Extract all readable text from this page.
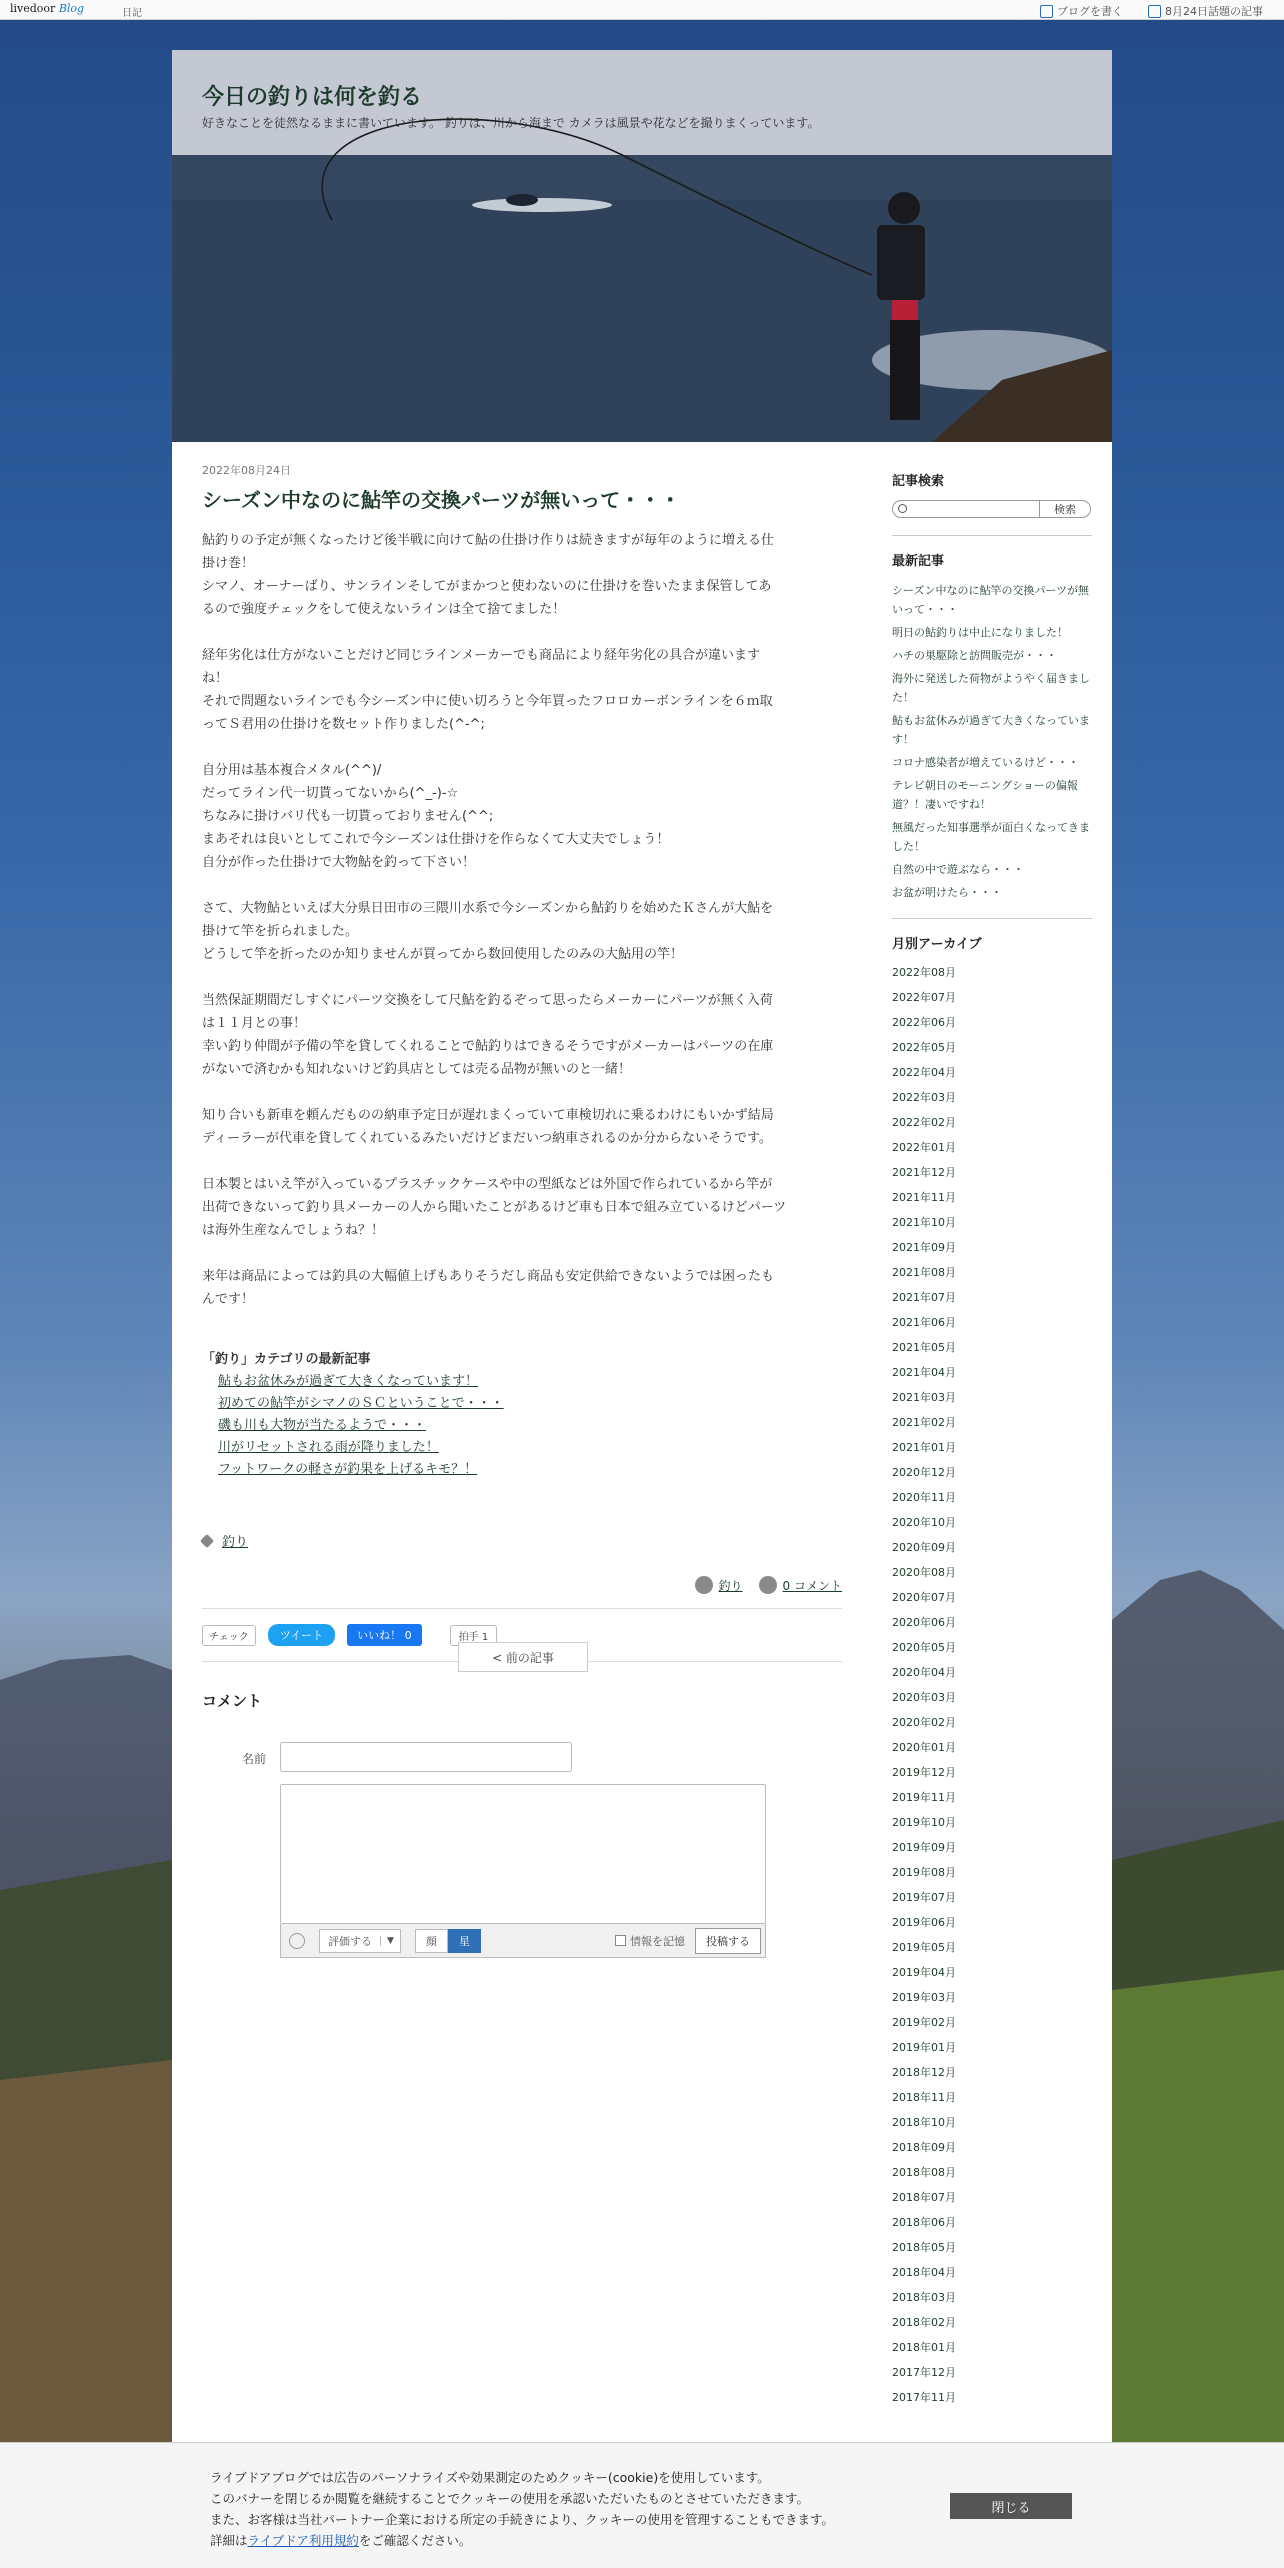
livedoor Blog	日記	ブログを書く	8月24日話題の記事
今日の釣りは何を釣る
好きなことを徒然なるままに書いています。 釣りは、川から海まで カメラは風景や花などを撮りまくっています。
2022年08月24日
シーズン中なのに鮎竿の交換パーツが無いって・・・

鮎釣りの予定が無くなったけど後半戦に向けて鮎の仕掛け作りは続きますが毎年のように増える仕

掛け巻！

シマノ、オーナーばり、サンラインそしてがまかつと使わないのに仕掛けを巻いたまま保管してあ

るので強度チェックをして使えないラインは全て捨てました！

経年劣化は仕方がないことだけど同じラインメーカーでも商品により経年劣化の具合が違います

ね！

それで問題ないラインでも今シーズン中に使い切ろうと今年買ったフロロカーボンラインを６ｍ取

ってＳ君用の仕掛けを数セット作りました(^-^;

自分用は基本複合メタル(^^)/

だってライン代一切貰ってないから(^_-)-☆

ちなみに掛けバリ代も一切貰っておりません(^^;

まあそれは良いとしてこれで今シーズンは仕掛けを作らなくて大丈夫でしょう！

自分が作った仕掛けで大物鮎を釣って下さい！

さて、大物鮎といえば大分県日田市の三隈川水系で今シーズンから鮎釣りを始めたＫさんが大鮎を

掛けて竿を折られました。

どうして竿を折ったのか知りませんが買ってから数回使用したのみの大鮎用の竿！

当然保証期間だしすぐにパーツ交換をして尺鮎を釣るぞって思ったらメーカーにパーツが無く入荷

は１１月との事！

幸い釣り仲間が予備の竿を貸してくれることで鮎釣りはできるそうですがメーカーはパーツの在庫

がないで済むかも知れないけど釣具店としては売る品物が無いのと一緒！

知り合いも新車を頼んだものの納車予定日が遅れまくっていて車検切れに乗るわけにもいかず結局

ディーラーが代車を貸してくれているみたいだけどまだいつ納車されるのか分からないそうです。

日本製とはいえ竿が入っているプラスチックケースや中の型紙などは外国で作られているから竿が

出荷できないって釣り具メーカーの人から聞いたことがあるけど車も日本で組み立ているけどパーツ

は海外生産なんでしょうね？！

来年は商品によっては釣具の大幅値上げもありそうだし商品も安定供給できないようでは困ったも

んです！

「釣り」カテゴリの最新記事
鮎もお盆休みが過ぎて大きくなっています！
初めての鮎竿がシマノのＳＣということで・・・
磯も川も大物が当たるようで・・・
川がリセットされる雨が降りました！
フットワークの軽さが釣果を上げるキモ？！
釣り
釣り	0 コメント
チェック	ツイート	いいね！ 0	拍手 1
< 前の記事
コメント
名前
評価する	▼	顔	星	情報を記憶	投稿する
記事検索
検索
最新記事
シーズン中なのに鮎竿の交換パーツが無いって・・・
明日の鮎釣りは中止になりました！
ハチの巣駆除と訪問販売が・・・
海外に発送した荷物がようやく届きました！
鮎もお盆休みが過ぎて大きくなっています！
コロナ感染者が増えているけど・・・
テレビ朝日のモーニングショーの偏報道？！凄いですね！
無風だった知事選挙が面白くなってきました！
自然の中で遊ぶなら・・・
お盆が明けたら・・・
月別アーカイブ
2022年08月
2022年07月
2022年06月
2022年05月
2022年04月
2022年03月
2022年02月
2022年01月
2021年12月
2021年11月
2021年10月
2021年09月
2021年08月
2021年07月
2021年06月
2021年05月
2021年04月
2021年03月
2021年02月
2021年01月
2020年12月
2020年11月
2020年10月
2020年09月
2020年08月
2020年07月
2020年06月
2020年05月
2020年04月
2020年03月
2020年02月
2020年01月
2019年12月
2019年11月
2019年10月
2019年09月
2019年08月
2019年07月
2019年06月
2019年05月
2019年04月
2019年03月
2019年02月
2019年01月
2018年12月
2018年11月
2018年10月
2018年09月
2018年08月
2018年07月
2018年06月
2018年05月
2018年04月
2018年03月
2018年02月
2018年01月
2017年12月
2017年11月
ライブドアブログでは広告のパーソナライズや効果測定のためクッキー(cookie)を使用しています。
このバナーを閉じるか閲覧を継続することでクッキーの使用を承認いただいたものとさせていただきます。
また、お客様は当社パートナー企業における所定の手続きにより、クッキーの使用を管理することもできます。
詳細はライブドア利用規約をご確認ください。
閉じる
